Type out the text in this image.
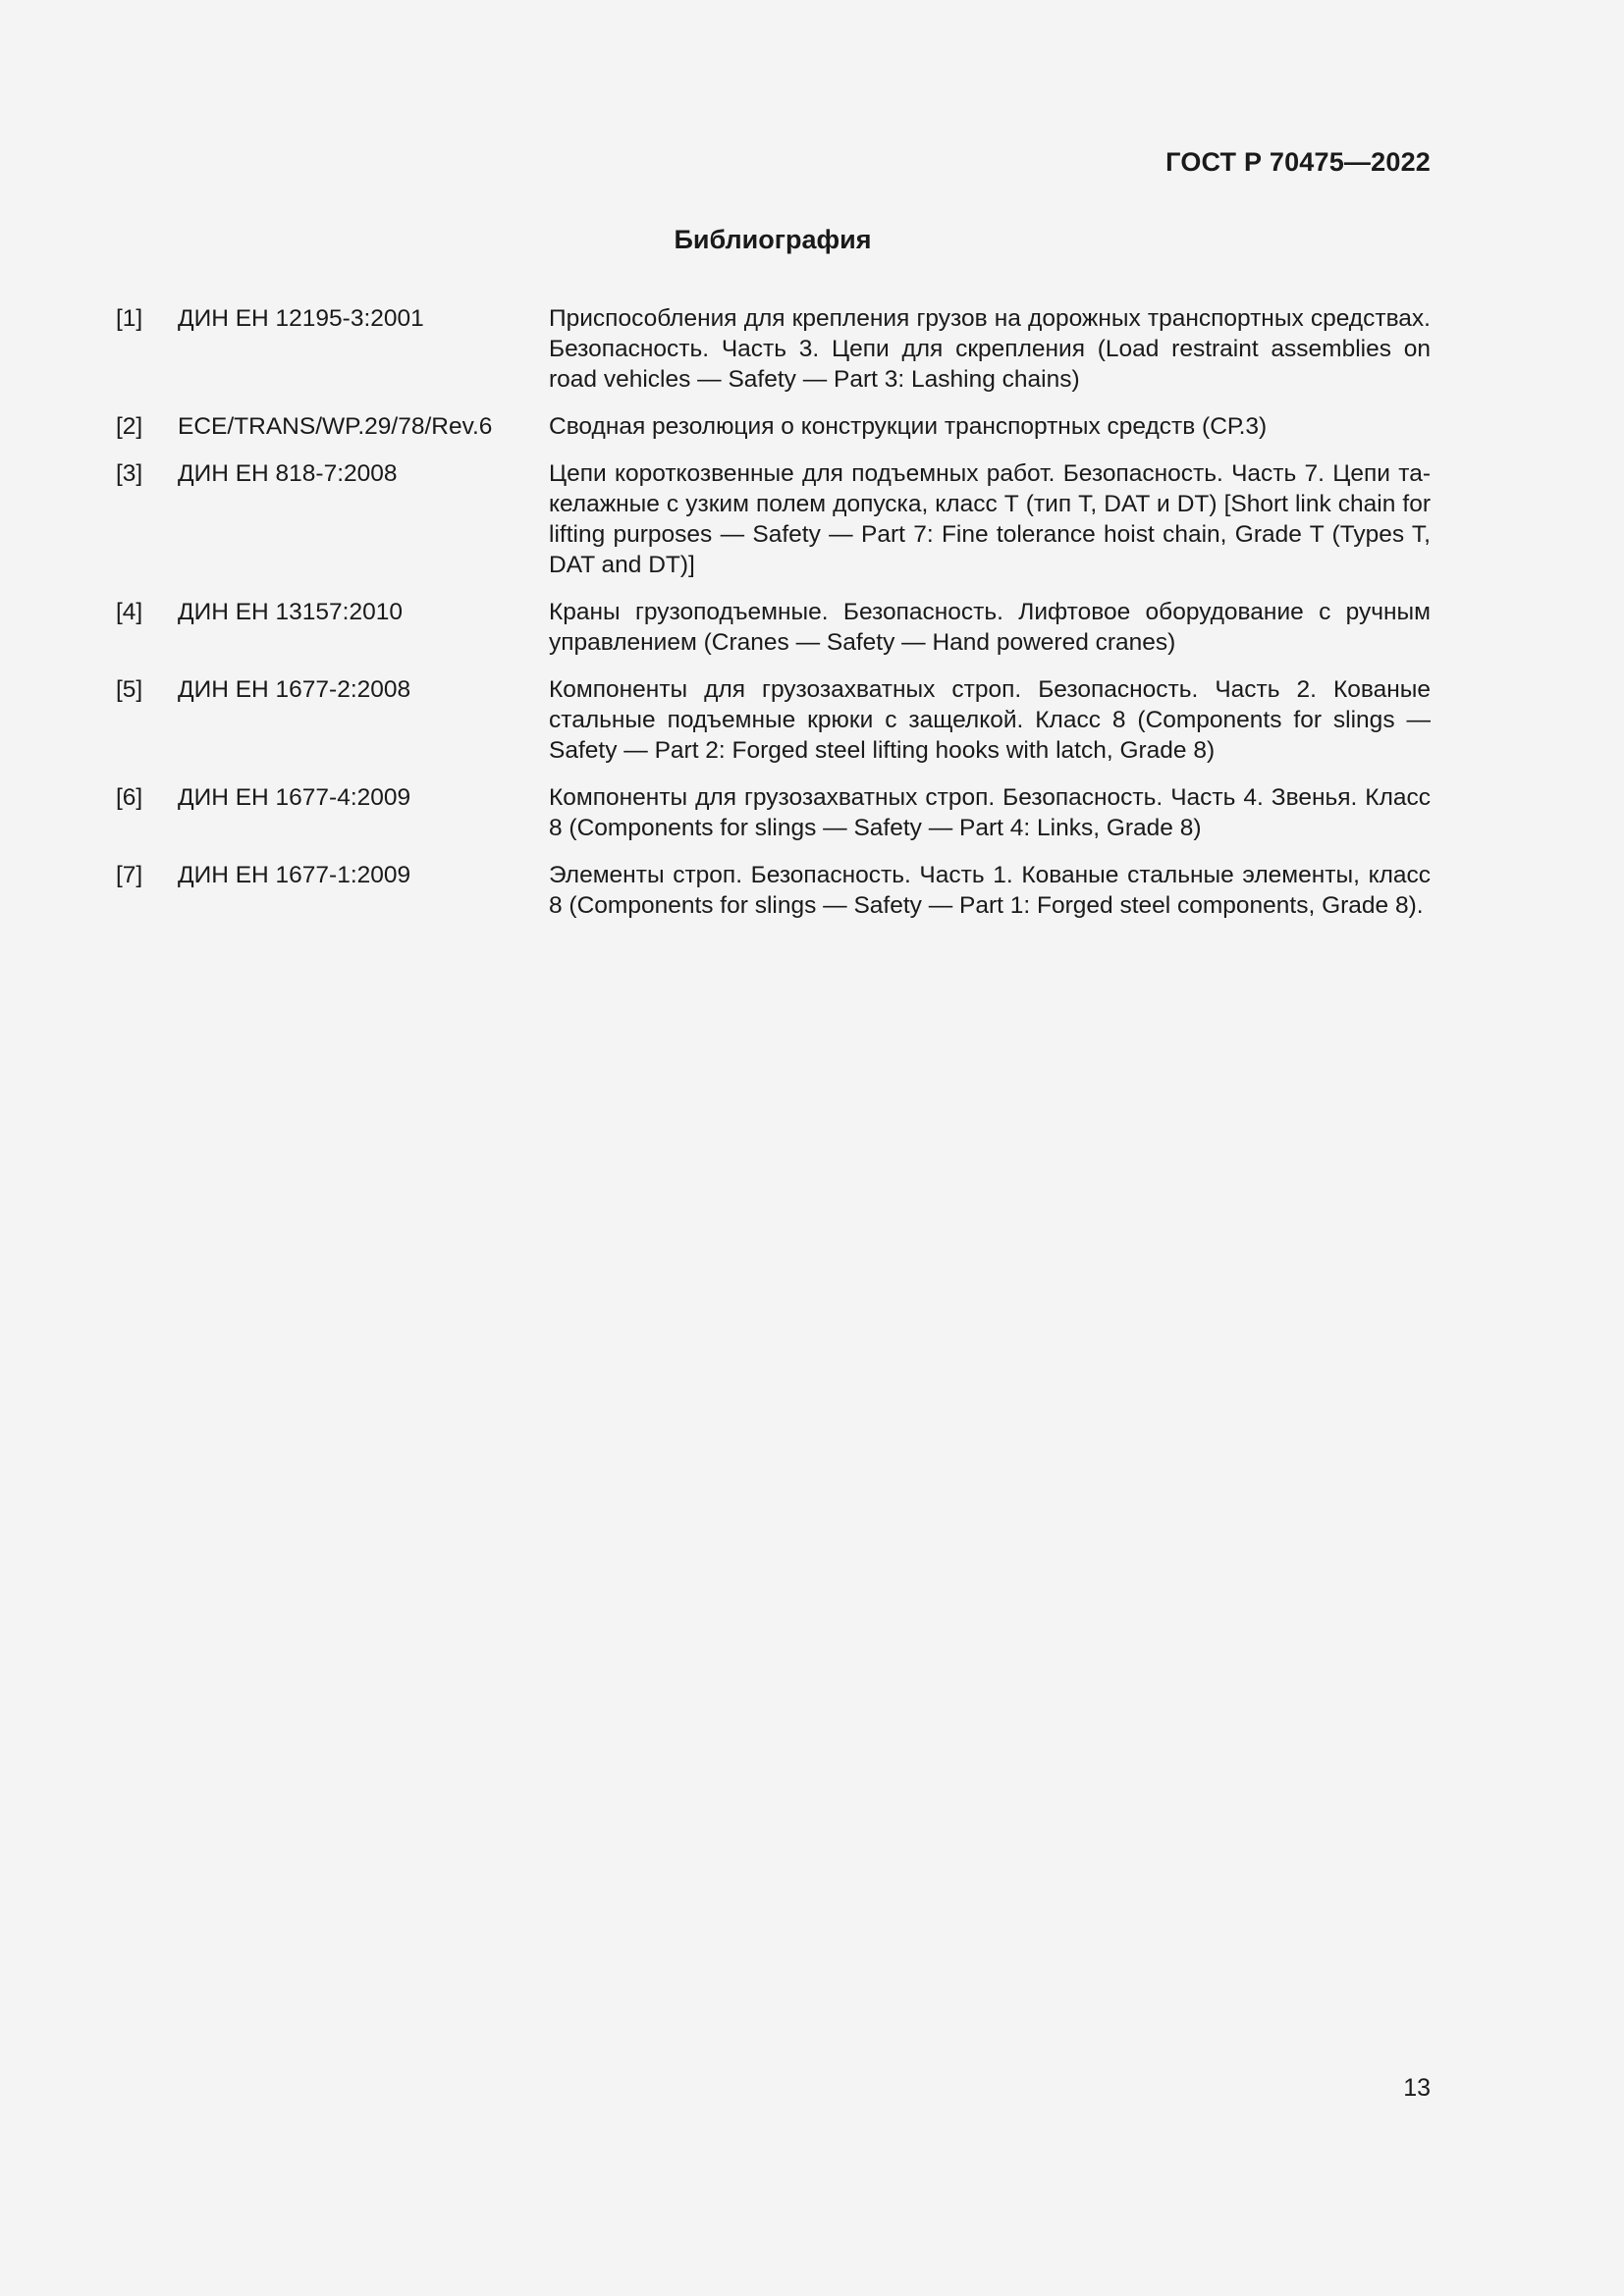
ГОСТ Р 70475—2022
Библиография
[1] ДИН ЕН 12195-3:2001	Приспособления для крепления грузов на дорожных транспортных средствах. Безопасность. Часть 3. Цепи для скрепления (Load restraint assemblies on road vehicles — Safety — Part 3: Lashing chains)
[2] ECE/TRANS/WP.29/78/Rev.6 Сводная резолюция о конструкции транспортных средств (СР.3)
[3] ДИН ЕН 818-7:2008	Цепи короткозвенные для подъемных работ. Безопасность. Часть 7. Цепи такелажные с узким полем допуска, класс Т (тип Т, DAT и DT) [Short link chain for lifting purposes — Safety — Part 7: Fine tolerance hoist chain, Grade T (Types T, DAT and DT)]
[4] ДИН ЕН 13157:2010	Краны грузоподъемные. Безопасность. Лифтовое оборудование с ручным управлением (Cranes — Safety — Hand powered cranes)
[5] ДИН ЕН 1677-2:2008	Компоненты для грузозахватных строп. Безопасность. Часть 2. Кованые стальные подъемные крюки с защелкой. Класс 8 (Components for slings — Safety — Part 2: Forged steel lifting hooks with latch, Grade 8)
[6] ДИН ЕН 1677-4:2009	Компоненты для грузозахватных строп. Безопасность. Часть 4. Звенья. Класс 8 (Components for slings — Safety — Part 4: Links, Grade 8)
[7] ДИН ЕН 1677-1:2009	Элементы строп. Безопасность. Часть 1. Кованые стальные элементы, класс 8 (Components for slings — Safety — Part 1: Forged steel components, Grade 8).
13
